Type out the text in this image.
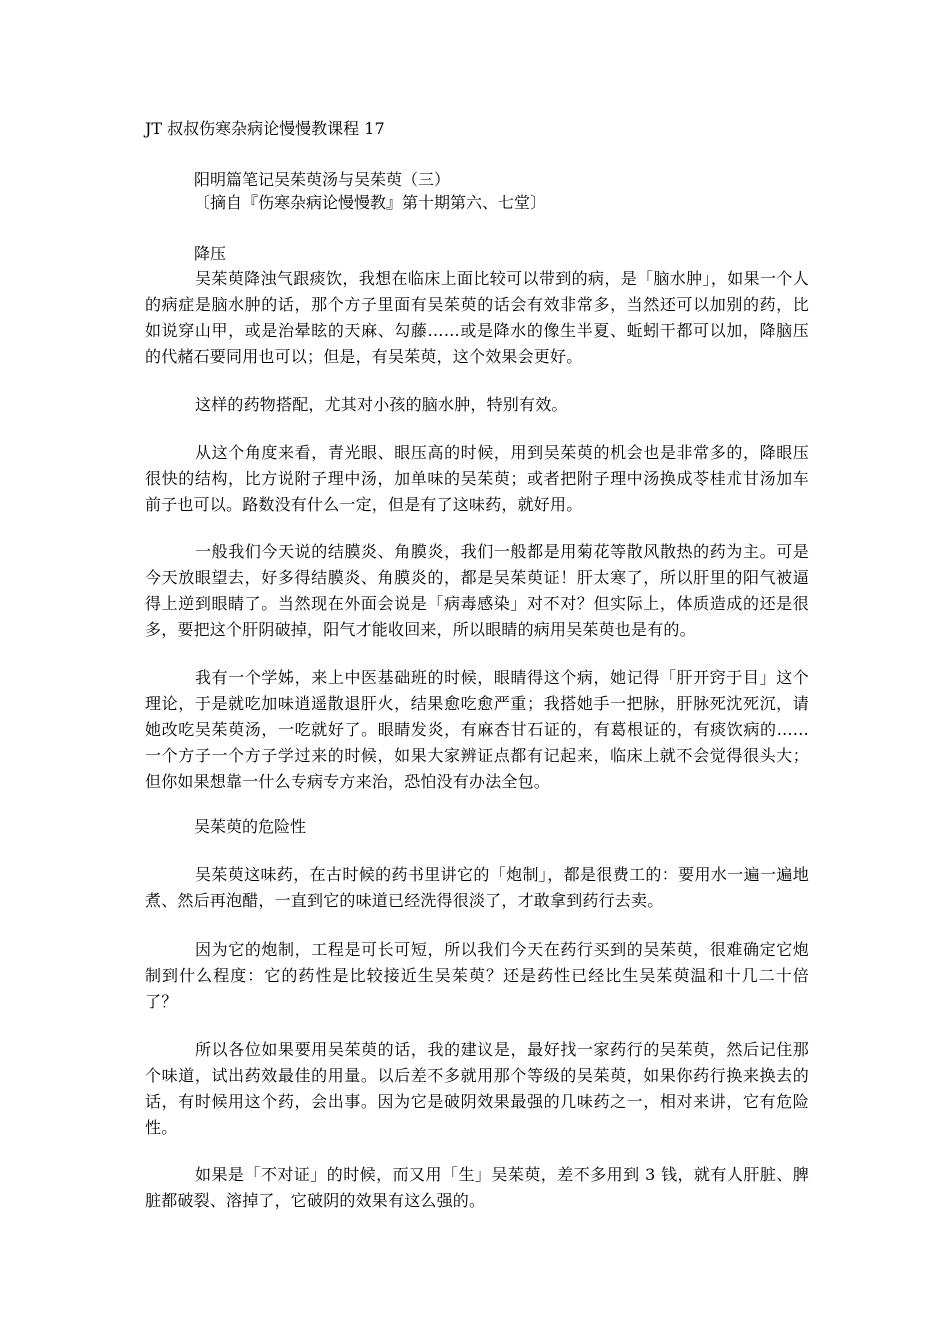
JT 叔叔伤寒杂病论慢慢教课程 17
阳明篇笔记吴茱萸汤与吴茱萸（三）
〔摘自『伤寒杂病论慢慢教』第十期第六、七堂〕
降压

吴茱萸降浊气跟痰饮，我想在临床上面比较可以带到的病，是「脑水肿」，如果一个人的病症是脑水肿的话，那个方子里面有吴茱萸的话会有效非常多，当然还可以加别的药，比如说穿山甲，或是治晕眩的天麻、勾藤……或是降水的像生半夏、蚯蚓干都可以加，降脑压的代赭石要同用也可以；但是，有吴茱萸，这个效果会更好。

这样的药物搭配，尤其对小孩的脑水肿，特别有效。

从这个角度来看，青光眼、眼压高的时候，用到吴茱萸的机会也是非常多的，降眼压很快的结构，比方说附子理中汤，加单味的吴茱萸；或者把附子理中汤换成苓桂朮甘汤加车前子也可以。路数没有什么一定，但是有了这味药，就好用。

一般我们今天说的结膜炎、角膜炎，我们一般都是用菊花等散风散热的药为主。可是今天放眼望去，好多得结膜炎、角膜炎的，都是吴茱萸证！肝太寒了，所以肝里的阳气被逼得上逆到眼睛了。当然现在外面会说是「病毒感染」对不对？但实际上，体质造成的还是很多，要把这个肝阴破掉，阳气才能收回来，所以眼睛的病用吴茱萸也是有的。

我有一个学姊，来上中医基础班的时候，眼睛得这个病，她记得「肝开窍于目」这个理论，于是就吃加味逍遥散退肝火，结果愈吃愈严重；我搭她手一把脉，肝脉死沈死沉，请她改吃吴茱萸汤，一吃就好了。眼睛发炎，有麻杏甘石证的，有葛根证的，有痰饮病的……一个方子一个方子学过来的时候，如果大家辨证点都有记起来，临床上就不会觉得很头大；但你如果想靠一什么专病专方来治，恐怕没有办法全包。

吴茱萸的危险性

吴茱萸这味药，在古时候的药书里讲它的「炮制」，都是很费工的：要用水一遍一遍地煮、然后再泡醋，一直到它的味道已经洗得很淡了，才敢拿到药行去卖。

因为它的炮制，工程是可长可短，所以我们今天在药行买到的吴茱萸，很难确定它炮制到什么程度：它的药性是比较接近生吴茱萸？还是药性已经比生吴茱萸温和十几二十倍了？

所以各位如果要用吴茱萸的话，我的建议是，最好找一家药行的吴茱萸，然后记住那个味道，试出药效最佳的用量。以后差不多就用那个等级的吴茱萸，如果你药行换来换去的话，有时候用这个药，会出事。因为它是破阴效果最强的几味药之一，相对来讲，它有危险性。

如果是「不对证」的时候，而又用「生」吴茱萸，差不多用到 3 钱，就有人肝脏、脾脏都破裂、溶掉了，它破阴的效果有这么强的。
